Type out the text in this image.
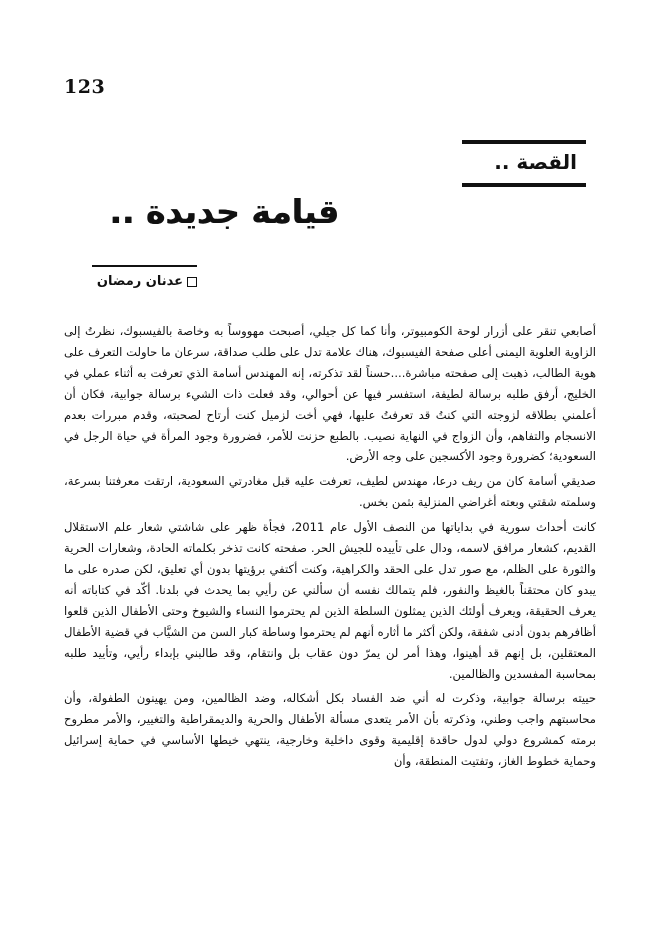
123
القصة ..
قيامة جديدة ..
عدنان رمضان

أصابعي تنقر على أزرار لوحة الكومبيوتر، وأنا كما كل جيلي، أصبحت مهووساً به وخاصة بالفيسبوك، نظرتُ إلى الزاوية العلوية اليمنى أعلى صفحة الفيسبوك، هناك علامة تدل على طلب صداقة، سرعان ما حاولت التعرف على هوية الطالب، ذهبت إلى صفحته مباشرة....حسناً لقد تذكرته، إنه المهندس أسامة الذي تعرفت به أثناء عملي في الخليج، أرفق طلبه برسالة لطيفة، استفسر فيها عن أحوالي، وقد فعلت ذات الشيء برسالة جوابية، فكان أن أعلمني بطلاقه لزوجته التي كنتُ قد تعرفتُ عليها، فهي أخت لزميل كنت أرتاح لصحبته، وقدم مبررات بعدم الانسجام والتفاهم، وأن الزواج في النهاية نصيب. بالطبع حزنت للأمر، فضرورة وجود المرأة في حياة الرجل في السعودية؛ كضرورة وجود الأكسجين على وجه الأرض.

صديقي أسامة كان من ريف درعا، مهندس لطيف، تعرفت عليه قبل مغادرتي السعودية، ارتقت معرفتنا بسرعة، وسلمته شقتي وبعته أغراضي المنزلية بثمن بخس.

كانت أحداث سورية في بداياتها من النصف الأول عام 2011، فجأة ظهر على شاشتي شعار علم الاستقلال القديم، كشعار مرافق لاسمه، ودال على تأييده للجيش الحر. صفحته كانت تذخر بكلماته الحادة، وشعارات الحرية والثورة على الظلم، مع صور تدل على الحقد والكراهية، وكنت أكتفي برؤيتها بدون أي تعليق، لكن صدره على ما يبدو كان محتقناً بالغيظ والنفور، فلم يتمالك نفسه أن سألني عن رأيي بما يحدث في بلدنا. أكّد في كتاباته أنه يعرف الحقيقة، ويعرف أولئك الذين يمثلون السلطة الذين لم يحترموا النساء والشيوخ وحتى الأطفال الذين قلعوا أظافرهم بدون أدنى شفقة، ولكن أكثر ما أثاره أنهم لم يحترموا وساطة كبار السن من الشيَّاب في قضية الأطفال المعتقلين، بل إنهم قد أهينوا، وهذا أمر لن يمرّ دون عقاب بل وانتقام، وقد طالبني بإبداء رأيي، وتأييد طلبه بمحاسبة المفسدين والظالمين.

حييته برسالة جوابية، وذكرت له أني ضد الفساد بكل أشكاله، وضد الظالمين، ومن يهينون الطفولة، وأن محاسبتهم واجب وطني، وذكرته بأن الأمر يتعدى مسألة الأطفال والحرية والديمقراطية والتغيير، والأمر مطروح برمته كمشروع دولي لدول حاقدة إقليمية وقوى داخلية وخارجية، ينتهي خيطها الأساسي في حماية إسرائيل وحماية خطوط الغاز، وتفتيت المنطقة، وأن
